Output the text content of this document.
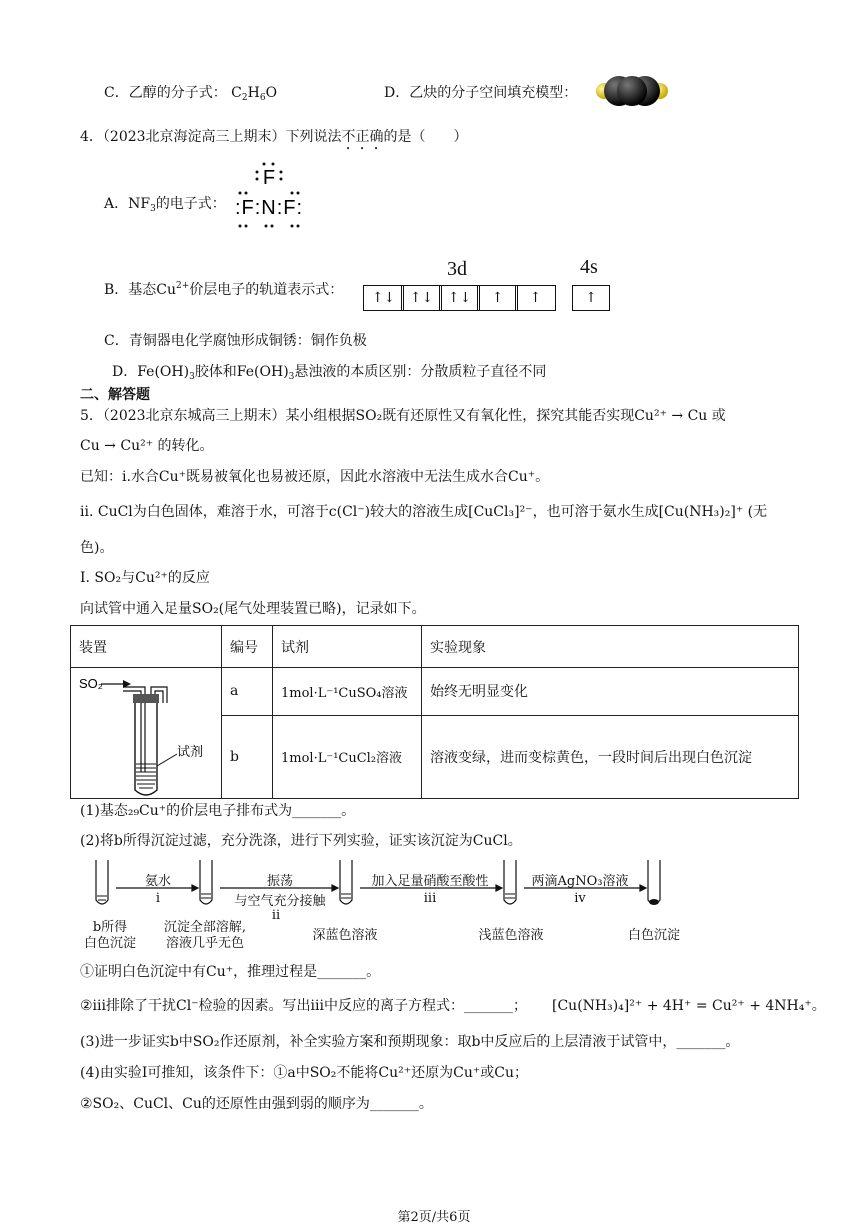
C．乙醇的分子式： $C_2H_6O$	D．乙炔的分子空间填充模型：
4．（2023北京海淀高三上期末）下列说法不正确的是（　　）
A．$NF_3$的电子式：
F
:F:N:F:
B．基态$Cu^{2+}$价层电子的轨道表示式：
3d	4s
↑↓	↑↓	↑↓	↑	↑	↑
C．青铜器电化学腐蚀形成铜锈：铜作负极
D．$Fe(OH)_3$胶体和$Fe(OH)_3$悬浊液的本质区别：分散质粒子直径不同
二、解答题
5．（2023北京东城高三上期末）某小组根据SO₂既有还原性又有氧化性，探究其能否实现Cu²⁺ → Cu 或
Cu → Cu²⁺ 的转化。
已知：i.水合Cu⁺既易被氧化也易被还原，因此水溶液中无法生成水合Cu⁺。
ii. CuCl为白色固体，难溶于水，可溶于c(Cl⁻)较大的溶液生成[CuCl₃]²⁻，也可溶于氨水生成[Cu(NH₃)₂]⁺ (无
色)。
I. SO₂与Cu²⁺的反应
向试管中通入足量SO₂(尾气处理装置已略)，记录如下。
装置	编号	试剂	实验现象

SO₂
试剂	a	1mol·L⁻¹CuSO₄溶液	始终无明显变化
	b	1mol·L⁻¹CuCl₂溶液	溶液变绿，进而变棕黄色，一段时间后出现白色沉淀
(1)基态₂₉Cu⁺的价层电子排布式为_______。
(2)将b所得沉淀过滤，充分洗涤，进行下列实验，证实该沉淀为CuCl。
氨水
i
振荡
与空气充分接触
ii
加入足量硝酸至酸性
iii
两滴AgNO₃溶液
iv
b所得
白色沉淀
沉淀全部溶解,
溶液几乎无色
深蓝色溶液	浅蓝色溶液	白色沉淀
①证明白色沉淀中有Cu⁺，推理过程是_______。
②iii排除了干扰Cl⁻检验的因素。写出iii中反应的离子方程式：_______； [Cu(NH₃)₄]²⁺ + 4H⁺ = Cu²⁺ + 4NH₄⁺。
(3)进一步证实b中SO₂作还原剂，补全实验方案和预期现象：取b中反应后的上层清液于试管中，_______。
(4)由实验I可推知，该条件下：①a中SO₂不能将Cu²⁺还原为Cu⁺或Cu；
②SO₂、CuCl、Cu的还原性由强到弱的顺序为_______。
第2页/共6页
